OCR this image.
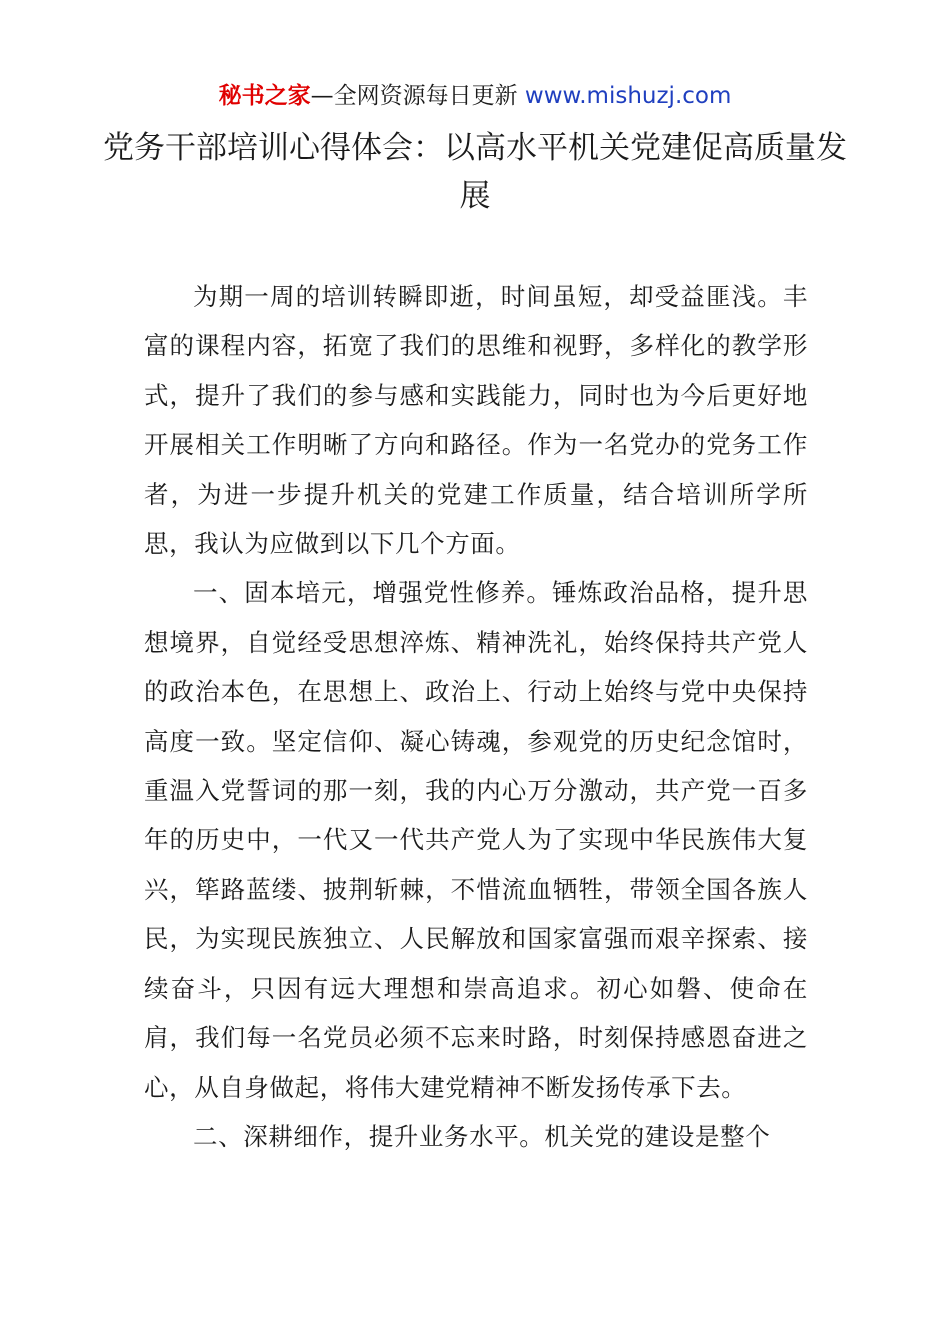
秘书之家—全网资源每日更新 www.mishuzj.com
党务干部培训心得体会：以高水平机关党建促高质量发展

为期一周的培训转瞬即逝，时间虽短，却受益匪浅。丰富的课程内容，拓宽了我们的思维和视野，多样化的教学形式，提升了我们的参与感和实践能力，同时也为今后更好地开展相关工作明晰了方向和路径。作为一名党办的党务工作者，为进一步提升机关的党建工作质量，结合培训所学所思，我认为应做到以下几个方面。

一、固本培元，增强党性修养。锤炼政治品格，提升思想境界，自觉经受思想淬炼、精神洗礼，始终保持共产党人的政治本色，在思想上、政治上、行动上始终与党中央保持高度一致。坚定信仰、凝心铸魂，参观党的历史纪念馆时，重温入党誓词的那一刻，我的内心万分激动，共产党一百多年的历史中，一代又一代共产党人为了实现中华民族伟大复兴，筚路蓝缕、披荆斩棘，不惜流血牺牲，带领全国各族人民，为实现民族独立、人民解放和国家富强而艰辛探索、接续奋斗，只因有远大理想和崇高追求。初心如磐、使命在肩，我们每一名党员必须不忘来时路，时刻保持感恩奋进之心，从自身做起，将伟大建党精神不断发扬传承下去。

二、深耕细作，提升业务水平。机关党的建设是整个
